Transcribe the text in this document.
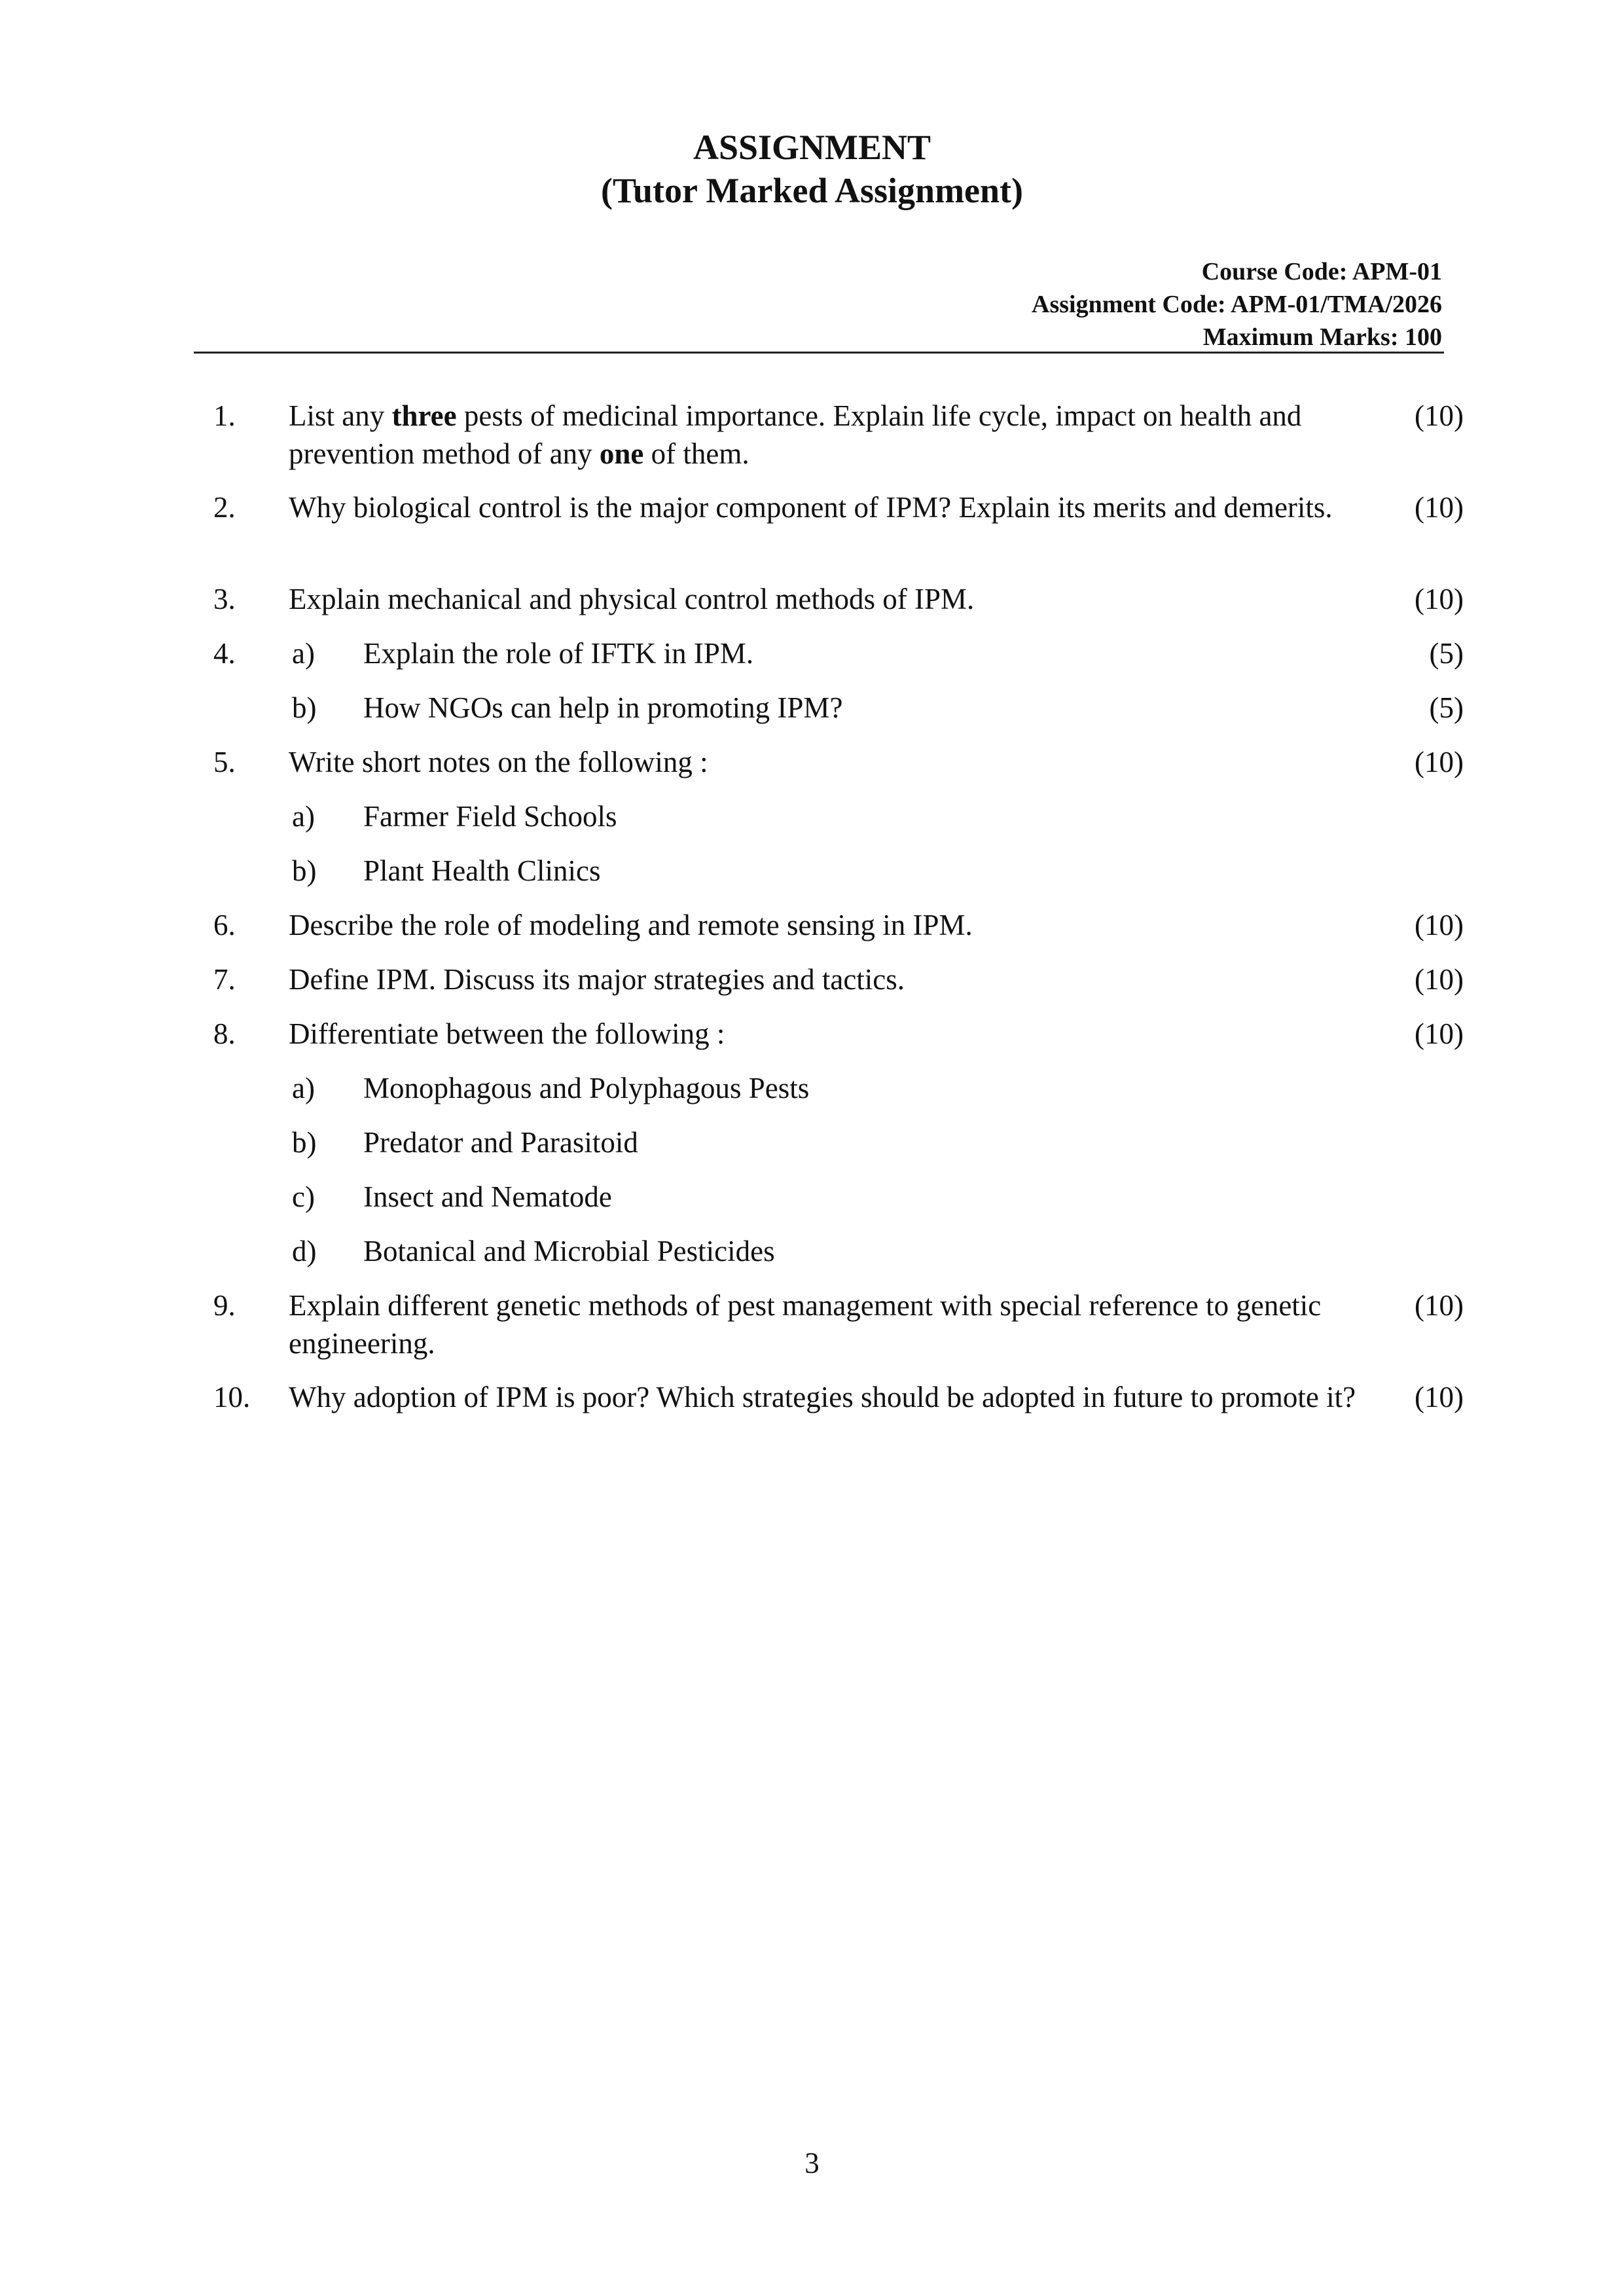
ASSIGNMENT
(Tutor Marked Assignment)
Course Code: APM-01
Assignment Code: APM-01/TMA/2026
Maximum Marks: 100
1. List any three pests of medicinal importance. Explain life cycle, impact on health and prevention method of any one of them.
(10)
2. Why biological control is the major component of IPM? Explain its merits and demerits.	(10)
3. Explain mechanical and physical control methods of IPM.	(10)
4. a) Explain the role of IFTK in IPM.	(5)
b) How NGOs can help in promoting IPM?	(5)
5. Write short notes on the following :	(10)
a) Farmer Field Schools
b) Plant Health Clinics
6. Describe the role of modeling and remote sensing in IPM.	(10)
7. Define IPM. Discuss its major strategies and tactics.	(10)
8. Differentiate between the following :	(10)
a) Monophagous and Polyphagous Pests
b) Predator and Parasitoid
c) Insect and Nematode
d) Botanical and Microbial Pesticides
9. Explain different genetic methods of pest management with special reference to genetic engineering.
(10)
10. Why adoption of IPM is poor? Which strategies should be adopted in future to promote it? (10)
3
